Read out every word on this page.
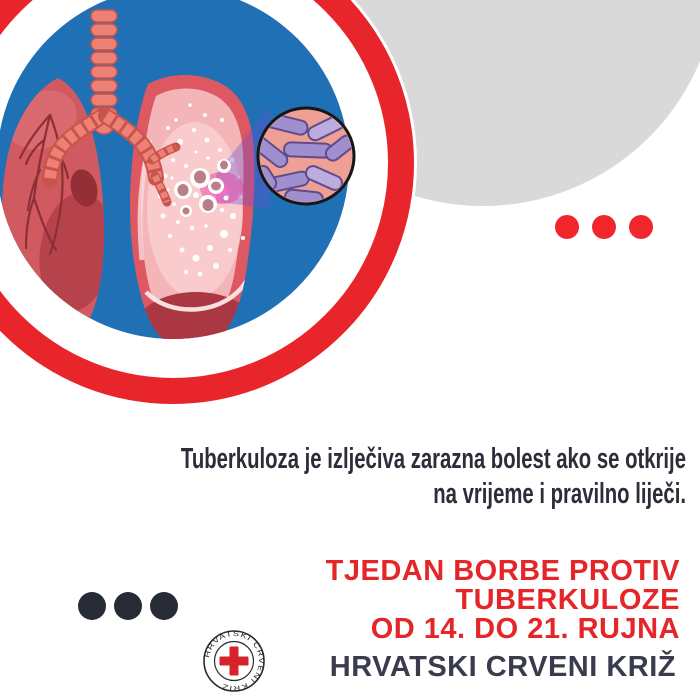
Tuberkuloza je izlječiva zarazna bolest ako se otkrije
na vrijeme i pravilno liječi.
TJEDAN BORBE PROTIV
TUBERKULOZE
OD 14. DO 21. RUJNA
HRVATSKI CRVENI KRIŽ
HRVATSKI CRVENI KRIŽ
